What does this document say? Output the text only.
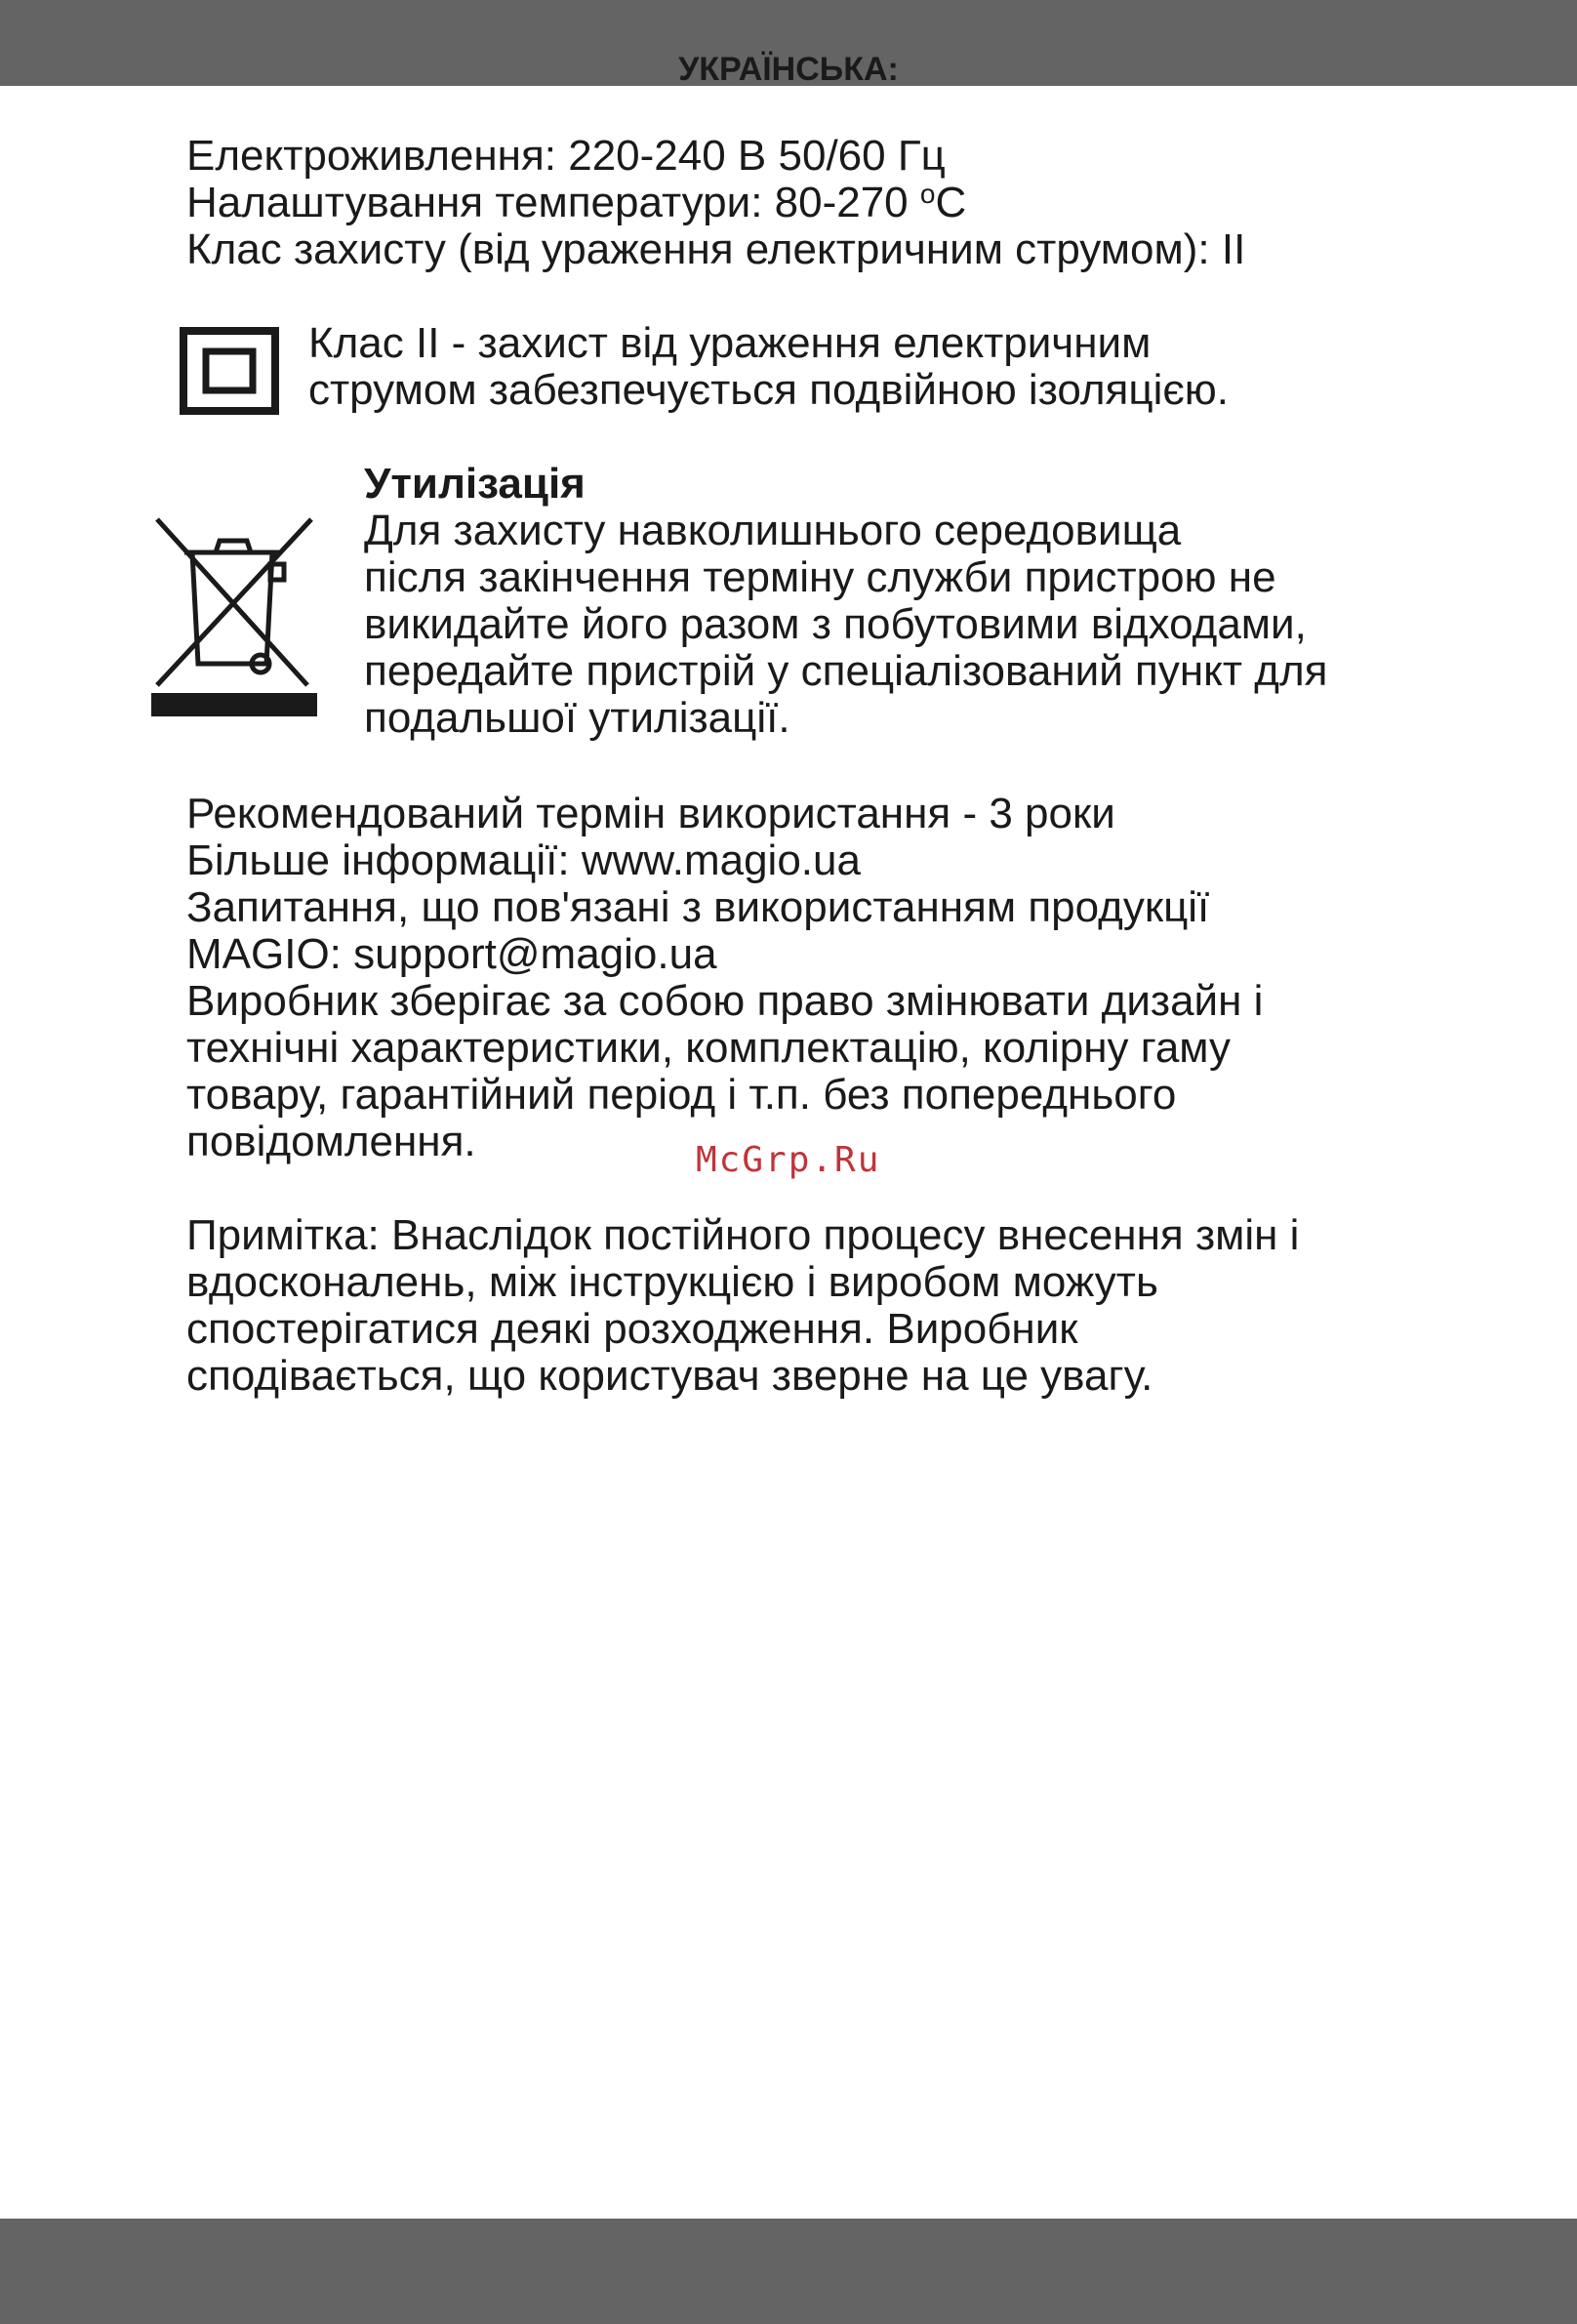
УКРАЇНСЬКА:
Електроживлення: 220-240 В 50/60 Гц
Налаштування температури: 80-270 $^o$C
Клас захисту (від ураження електричним струмом): II
Клас II - захист від ураження електричним
струмом забезпечується подвійною ізоляцією.
Утилізація
Для захисту навколишнього середовища
після закінчення терміну служби пристрою не
викидайте його разом з побутовими відходами,
передайте пристрій у спеціалізований пункт для
подальшої утилізації.
Рекомендований термін використання - 3 роки
Більше інформації: www.magio.ua
Запитання, що пов'язані з використанням продукції
MAGIO: support@magio.ua
Виробник зберігає за собою право змінювати дизайн і
технічні характеристики, комплектацію, колірну гаму
товару, гарантійний період і т.п. без попереднього
повідомлення.	McGrp.Ru
Примітка: Внаслідок постійного процесу внесення змін і
вдосконалень, між інструкцією і виробом можуть
спостерігатися деякі розходження. Виробник
сподівається, що користувач зверне на це увагу.
